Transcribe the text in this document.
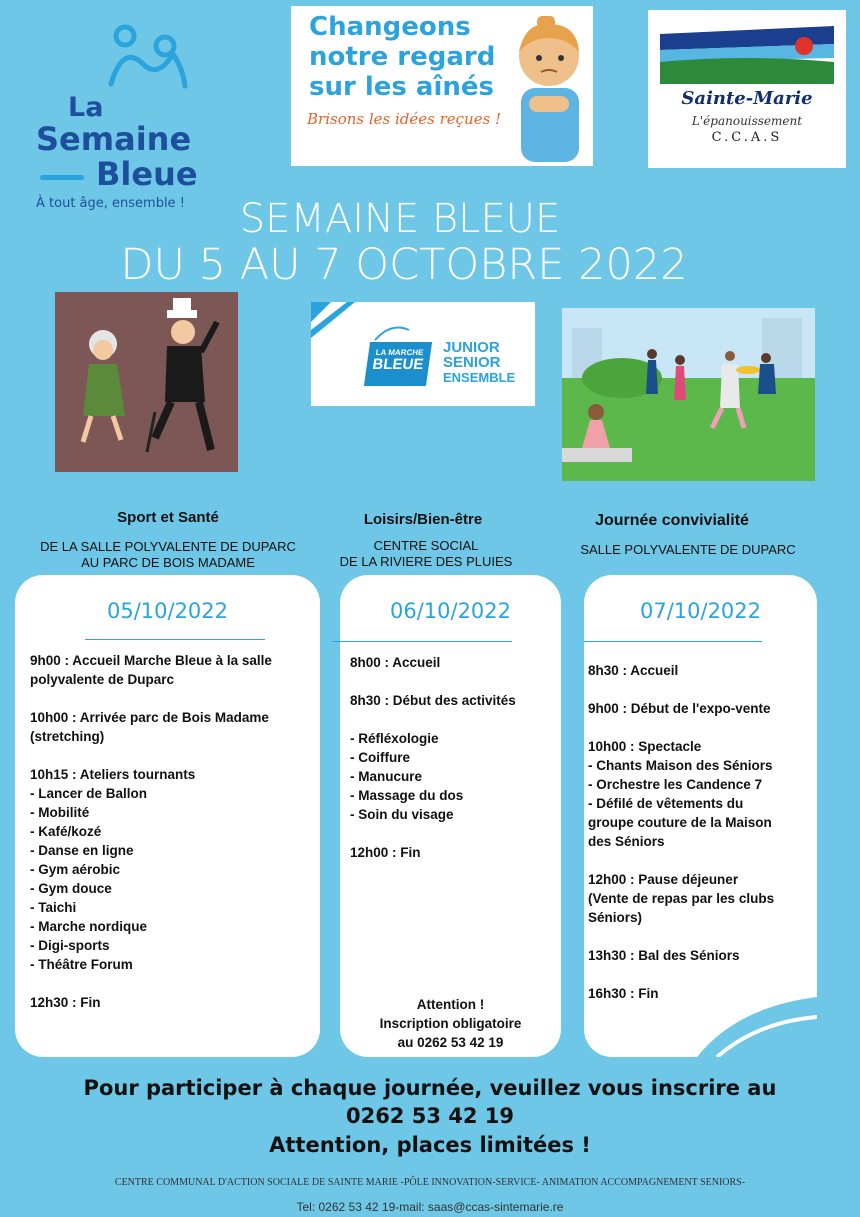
La
Semaine
Bleue
À tout âge, ensemble !
Changeons
notre regard
sur les aînés
Brisons les idées reçues !
Sainte-Marie
L'épanouissement
C.C.A.S
SEMAINE BLEUE
DU 5 AU 7 OCTOBRE 2022
LA MARCHE
BLEUE
JUNIOR
SENIOR
ENSEMBLE
Sport et Santé
DE LA SALLE POLYVALENTE DE DUPARC
AU PARC DE BOIS MADAME
Loisirs/Bien-être
CENTRE SOCIAL
DE LA RIVIERE DES PLUIES
Journée convivialité
SALLE POLYVALENTE DE DUPARC
05/10/2022
9h00 : Accueil Marche Bleue à la salle
polyvalente de Duparc
10h00 : Arrivée parc de Bois Madame
(stretching)
10h15 : Ateliers tournants
- Lancer de Ballon
- Mobilité
- Kafé/kozé
- Danse en ligne
- Gym aérobic
- Gym douce
- Taichi
- Marche nordique
- Digi-sports
- Théâtre Forum
12h30 : Fin
06/10/2022
8h00 : Accueil
8h30 : Début des activités
- Réfléxologie
- Coiffure
- Manucure
- Massage du dos
- Soin du visage
12h00 : Fin
Attention !
Inscription obligatoire
au 0262 53 42 19
07/10/2022
8h30 : Accueil
9h00 : Début de l'expo-vente
10h00 : Spectacle
- Chants Maison des Séniors
- Orchestre les Candence 7
- Défilé de vêtements du
groupe couture de la Maison
des Séniors
12h00 : Pause déjeuner
(Vente de repas par les clubs
Séniors)
13h30 : Bal des Séniors
16h30 : Fin
Pour participer à chaque journée, veuillez vous inscrire au
0262 53 42 19
Attention, places limitées !
CENTRE COMMUNAL D'ACTION SOCIALE DE SAINTE MARIE -PÔLE INNOVATION-SERVICE- ANIMATION ACCOMPAGNEMENT SENIORS-
Tel: 0262 53 42 19-mail: saas@ccas-sintemarie.re
